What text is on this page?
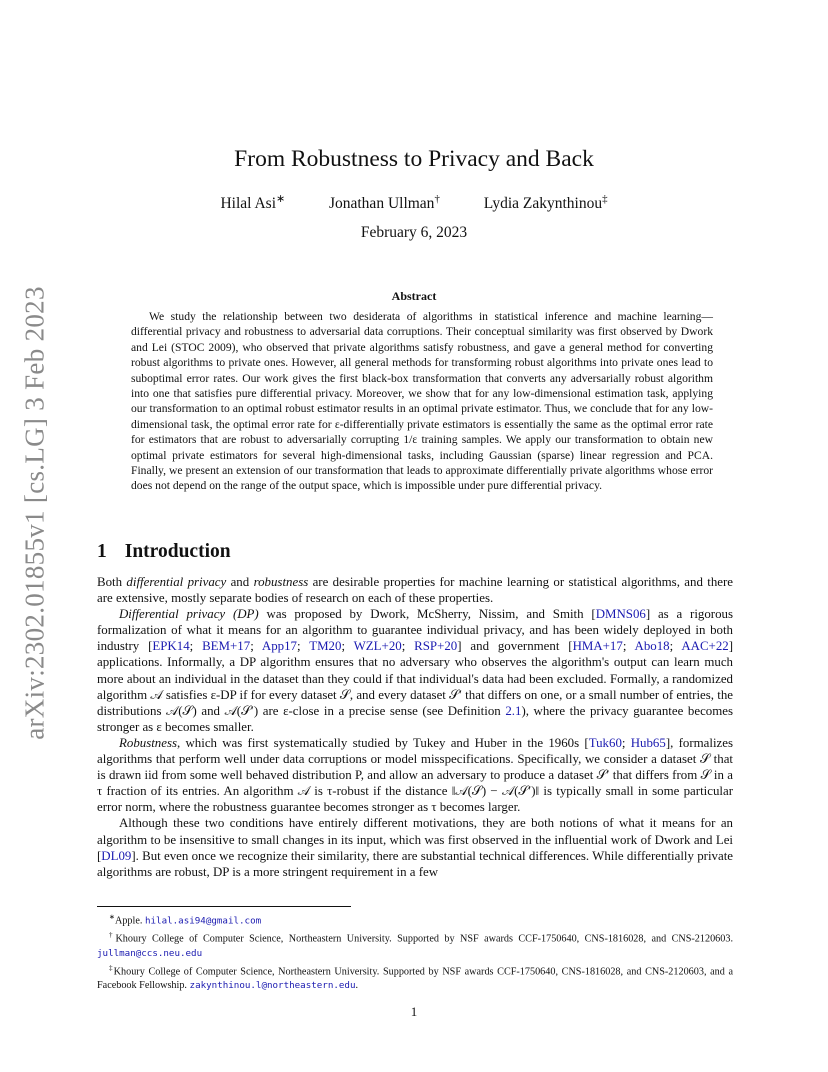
arXiv:2302.01855v1 [cs.LG] 3 Feb 2023
From Robustness to Privacy and Back
Hilal Asi∗	Jonathan Ullman†	Lydia Zakynthinou‡
February 6, 2023
Abstract

We study the relationship between two desiderata of algorithms in statistical inference and machine learning—differential privacy and robustness to adversarial data corruptions. Their conceptual similarity was first observed by Dwork and Lei (STOC 2009), who observed that private algorithms satisfy robustness, and gave a general method for converting robust algorithms to private ones. However, all general methods for transforming robust algorithms into private ones lead to suboptimal error rates. Our work gives the first black-box transformation that converts any adversarially robust algorithm into one that satisfies pure differential privacy. Moreover, we show that for any low-dimensional estimation task, applying our transformation to an optimal robust estimator results in an optimal private estimator. Thus, we conclude that for any low-dimensional task, the optimal error rate for ε-differentially private estimators is essentially the same as the optimal error rate for estimators that are robust to adversarially corrupting 1/ε training samples. We apply our transformation to obtain new optimal private estimators for several high-dimensional tasks, including Gaussian (sparse) linear regression and PCA. Finally, we present an extension of our transformation that leads to approximate differentially private algorithms whose error does not depend on the range of the output space, which is impossible under pure differential privacy.

1 Introduction

Both differential privacy and robustness are desirable properties for machine learning or statistical algorithms, and there are extensive, mostly separate bodies of research on each of these properties.

Differential privacy (DP) was proposed by Dwork, McSherry, Nissim, and Smith [DMNS06] as a rigorous formalization of what it means for an algorithm to guarantee individual privacy, and has been widely deployed in both industry [EPK14; BEM+17; App17; TM20; WZL+20; RSP+20] and government [HMA+17; Abo18; AAC+22] applications. Informally, a DP algorithm ensures that no adversary who observes the algorithm's output can learn much more about an individual in the dataset than they could if that individual's data had been excluded. Formally, a randomized algorithm 𝒜 satisfies ε-DP if for every dataset 𝒮, and every dataset 𝒮′ that differs on one, or a small number of entries, the distributions 𝒜(𝒮) and 𝒜(𝒮′) are ε-close in a precise sense (see Definition 2.1), where the privacy guarantee becomes stronger as ε becomes smaller.

Robustness, which was first systematically studied by Tukey and Huber in the 1960s [Tuk60; Hub65], formalizes algorithms that perform well under data corruptions or model misspecifications. Specifically, we consider a dataset 𝒮 that is drawn iid from some well behaved distribution P, and allow an adversary to produce a dataset 𝒮′ that differs from 𝒮 in a τ fraction of its entries. An algorithm 𝒜 is τ-robust if the distance ‖𝒜(𝒮) − 𝒜(𝒮′)‖ is typically small in some particular error norm, where the robustness guarantee becomes stronger as τ becomes larger.

Although these two conditions have entirely different motivations, they are both notions of what it means for an algorithm to be insensitive to small changes in its input, which was first observed in the influential work of Dwork and Lei [DL09]. But even once we recognize their similarity, there are substantial technical differences. While differentially private algorithms are robust, DP is a more stringent requirement in a few

∗Apple. hilal.asi94@gmail.com

†Khoury College of Computer Science, Northeastern University. Supported by NSF awards CCF-1750640, CNS-1816028, and CNS-2120603. jullman@ccs.neu.edu

‡Khoury College of Computer Science, Northeastern University. Supported by NSF awards CCF-1750640, CNS-1816028, and CNS-2120603, and a Facebook Fellowship. zakynthinou.l@northeastern.edu.

1
